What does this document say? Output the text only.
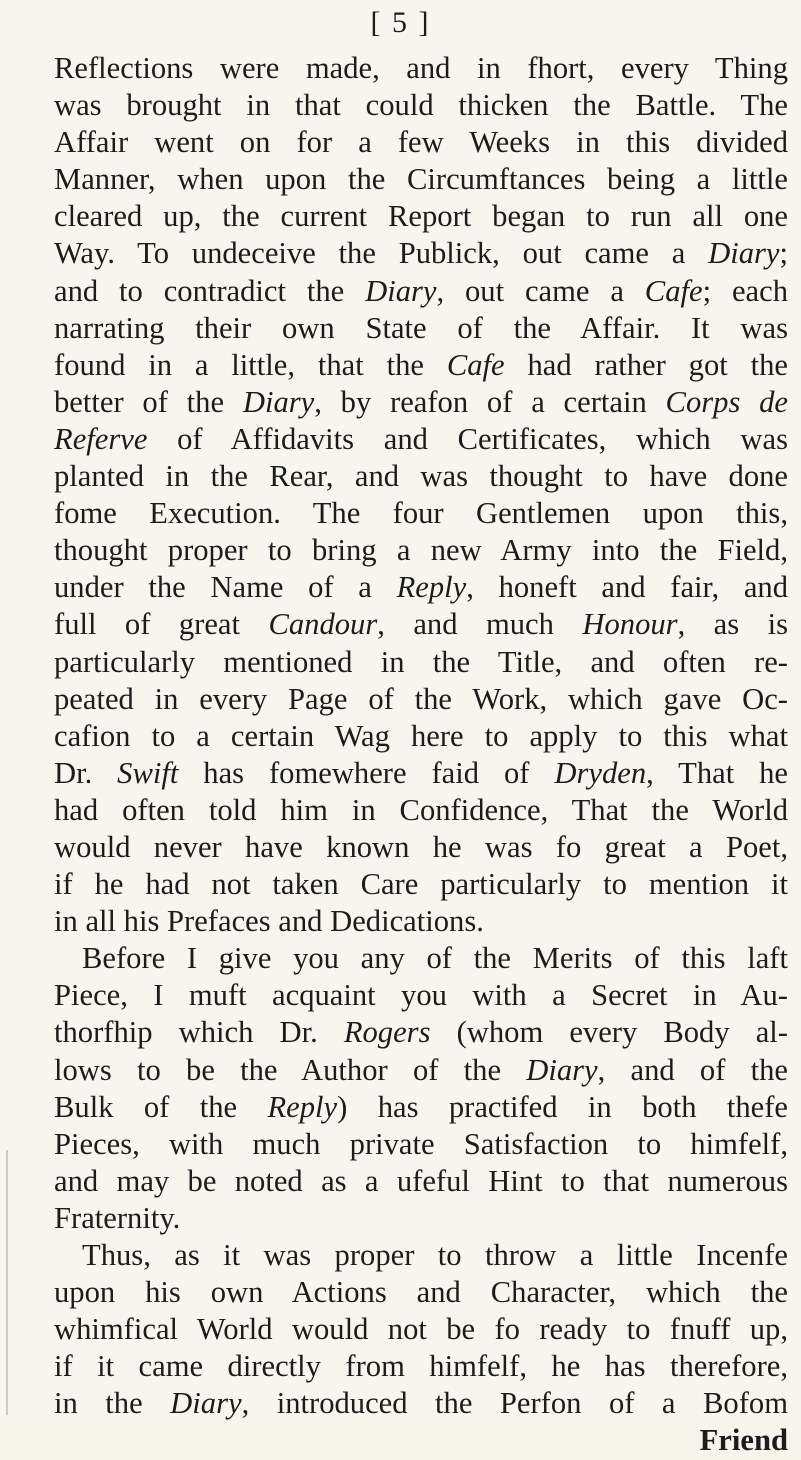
[ 5 ]
Reflections were made, and in fhort, every Thing
was brought in that could thicken the Battle. The
Affair went on for a few Weeks in this divided
Manner, when upon the Circumftances being a little
cleared up, the current Report began to run all one
Way. To undeceive the Publick, out came a Diary;
and to contradict the Diary, out came a Cafe; each
narrating their own State of the Affair. It was
found in a little, that the Cafe had rather got the
better of the Diary, by reafon of a certain Corps de
Referve of Affidavits and Certificates, which was
planted in the Rear, and was thought to have done
fome Execution. The four Gentlemen upon this,
thought proper to bring a new Army into the Field,
under the Name of a Reply, honeft and fair, and
full of great Candour, and much Honour, as is
particularly mentioned in the Title, and often re-
peated in every Page of the Work, which gave Oc-
cafion to a certain Wag here to apply to this what
Dr. Swift has fomewhere faid of Dryden, That he
had often told him in Confidence, That the World
would never have known he was fo great a Poet,
if he had not taken Care particularly to mention it
in all his Prefaces and Dedications.
Before I give you any of the Merits of this laft
Piece, I muft acquaint you with a Secret in Au-
thorfhip which Dr. Rogers (whom every Body al-
lows to be the Author of the Diary, and of the
Bulk of the Reply) has practifed in both thefe
Pieces, with much private Satisfaction to himfelf,
and may be noted as a ufeful Hint to that numerous
Fraternity.
Thus, as it was proper to throw a little Incenfe
upon his own Actions and Character, which the
whimfical World would not be fo ready to fnuff up,
if it came directly from himfelf, he has therefore,
in the Diary, introduced the Perfon of a Bofom
Friend
